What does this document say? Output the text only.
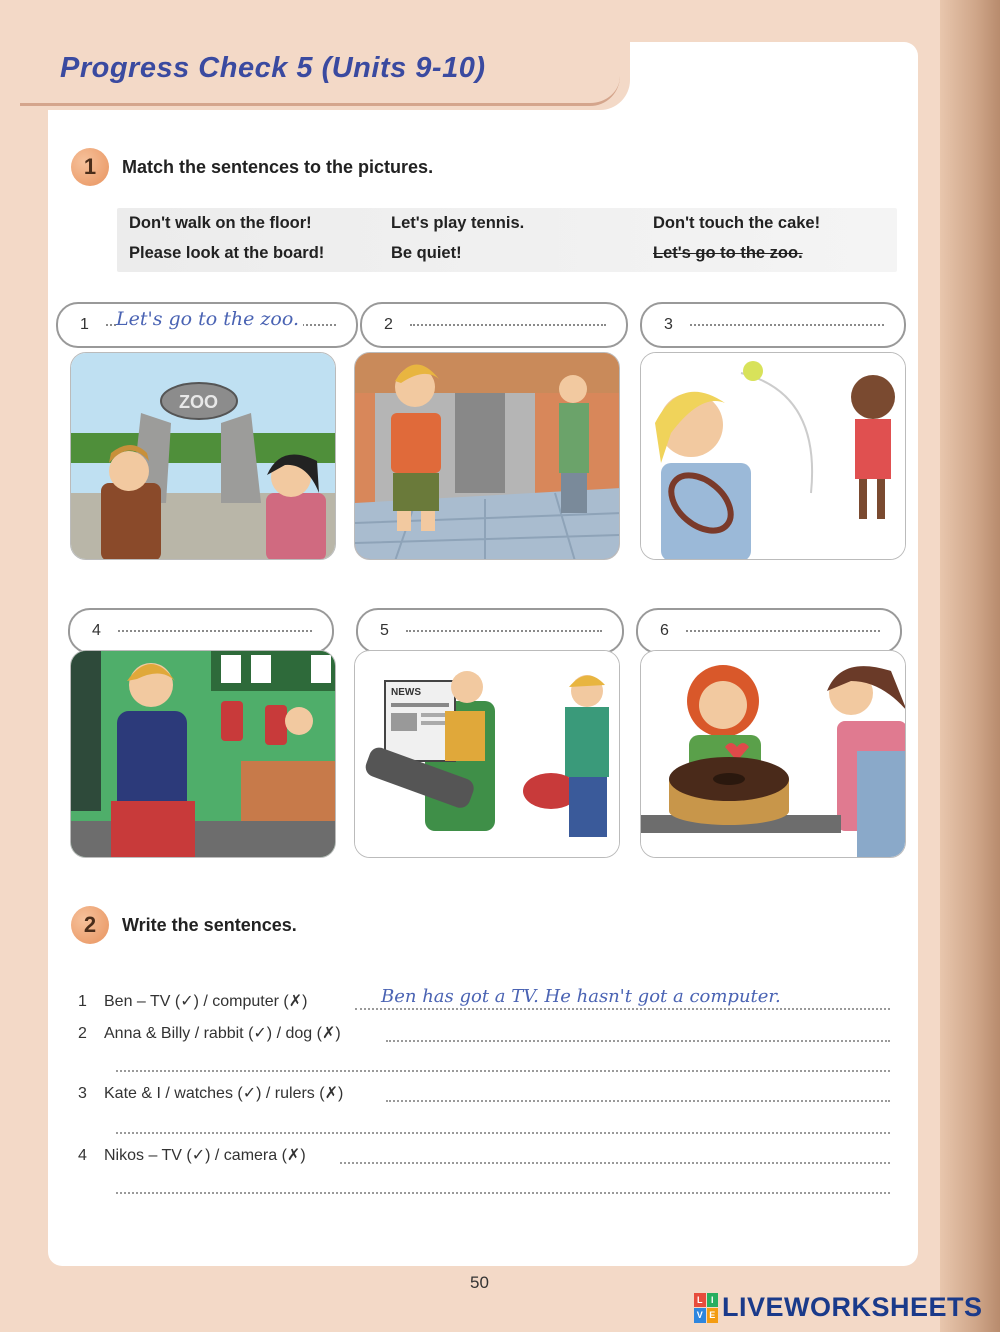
Progress Check 5 (Units 9-10)
1	Match the sentences to the pictures.
Don't walk on the floor!	Let's play tennis.	Don't touch the cake!
Please look at the board!	Be quiet!	Let's go to the zoo.
1 Let's go to the zoo.	2	3
ZOO
4	5	6
NEWS
2	Write the sentences.
1 Ben – TV (✓) / computer (✗)	Ben has got a TV. He hasn't got a computer.
2 Anna & Billy / rabbit (✓) / dog (✗)
3 Kate & I / watches (✓) / rulers (✗)
4 Nikos – TV (✓) / camera (✗)
50
L I
V E LIVEWORKSHEETS
